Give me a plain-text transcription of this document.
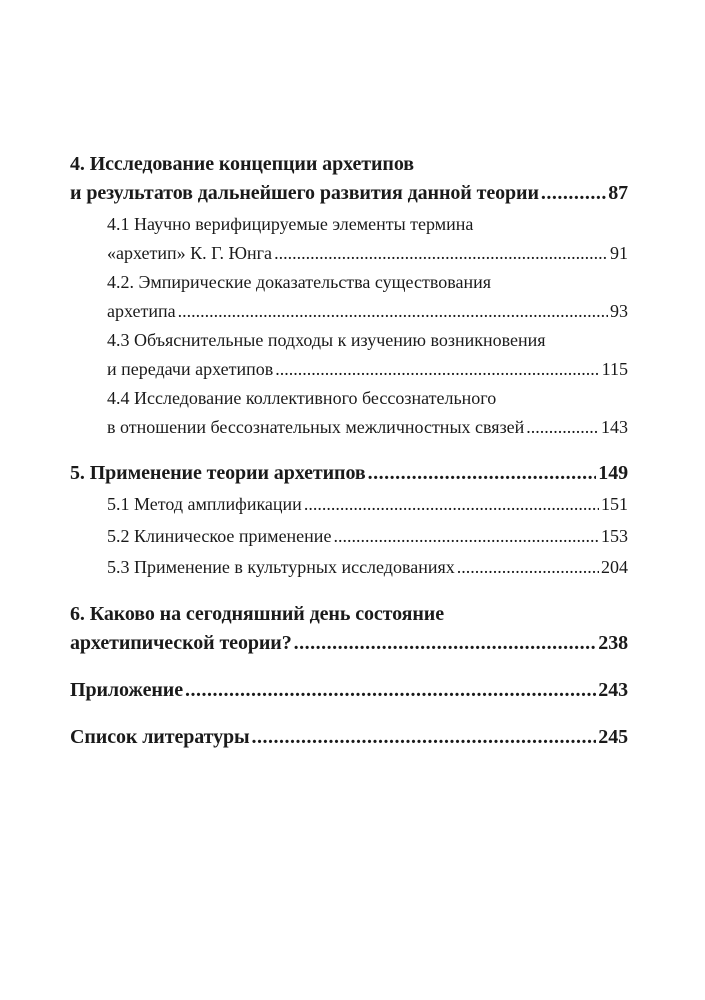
4. Исследование концепции архетипов
и результатов дальнейшего развития данной теории .....	87
4.1 Научно верифицируемые элементы термина
«архетип» К. Г. Юнга .....	91
4.2. Эмпирические доказательства существования
архетипа .....	93
4.3 Объяснительные подходы к изучению возникновения
и передачи архетипов .....	115
4.4 Исследование коллективного бессознательного
в отношении бессознательных межличностных связей .....	143
5. Применение теории архетипов .....	149
5.1 Метод амплификации .....	151
5.2 Клиническое применение .....	153
5.3 Применение в культурных исследованиях .....	204
6. Каково на сегодняшний день состояние
архетипической теории? .....	238
Приложение .....	243
Список литературы .....	245
